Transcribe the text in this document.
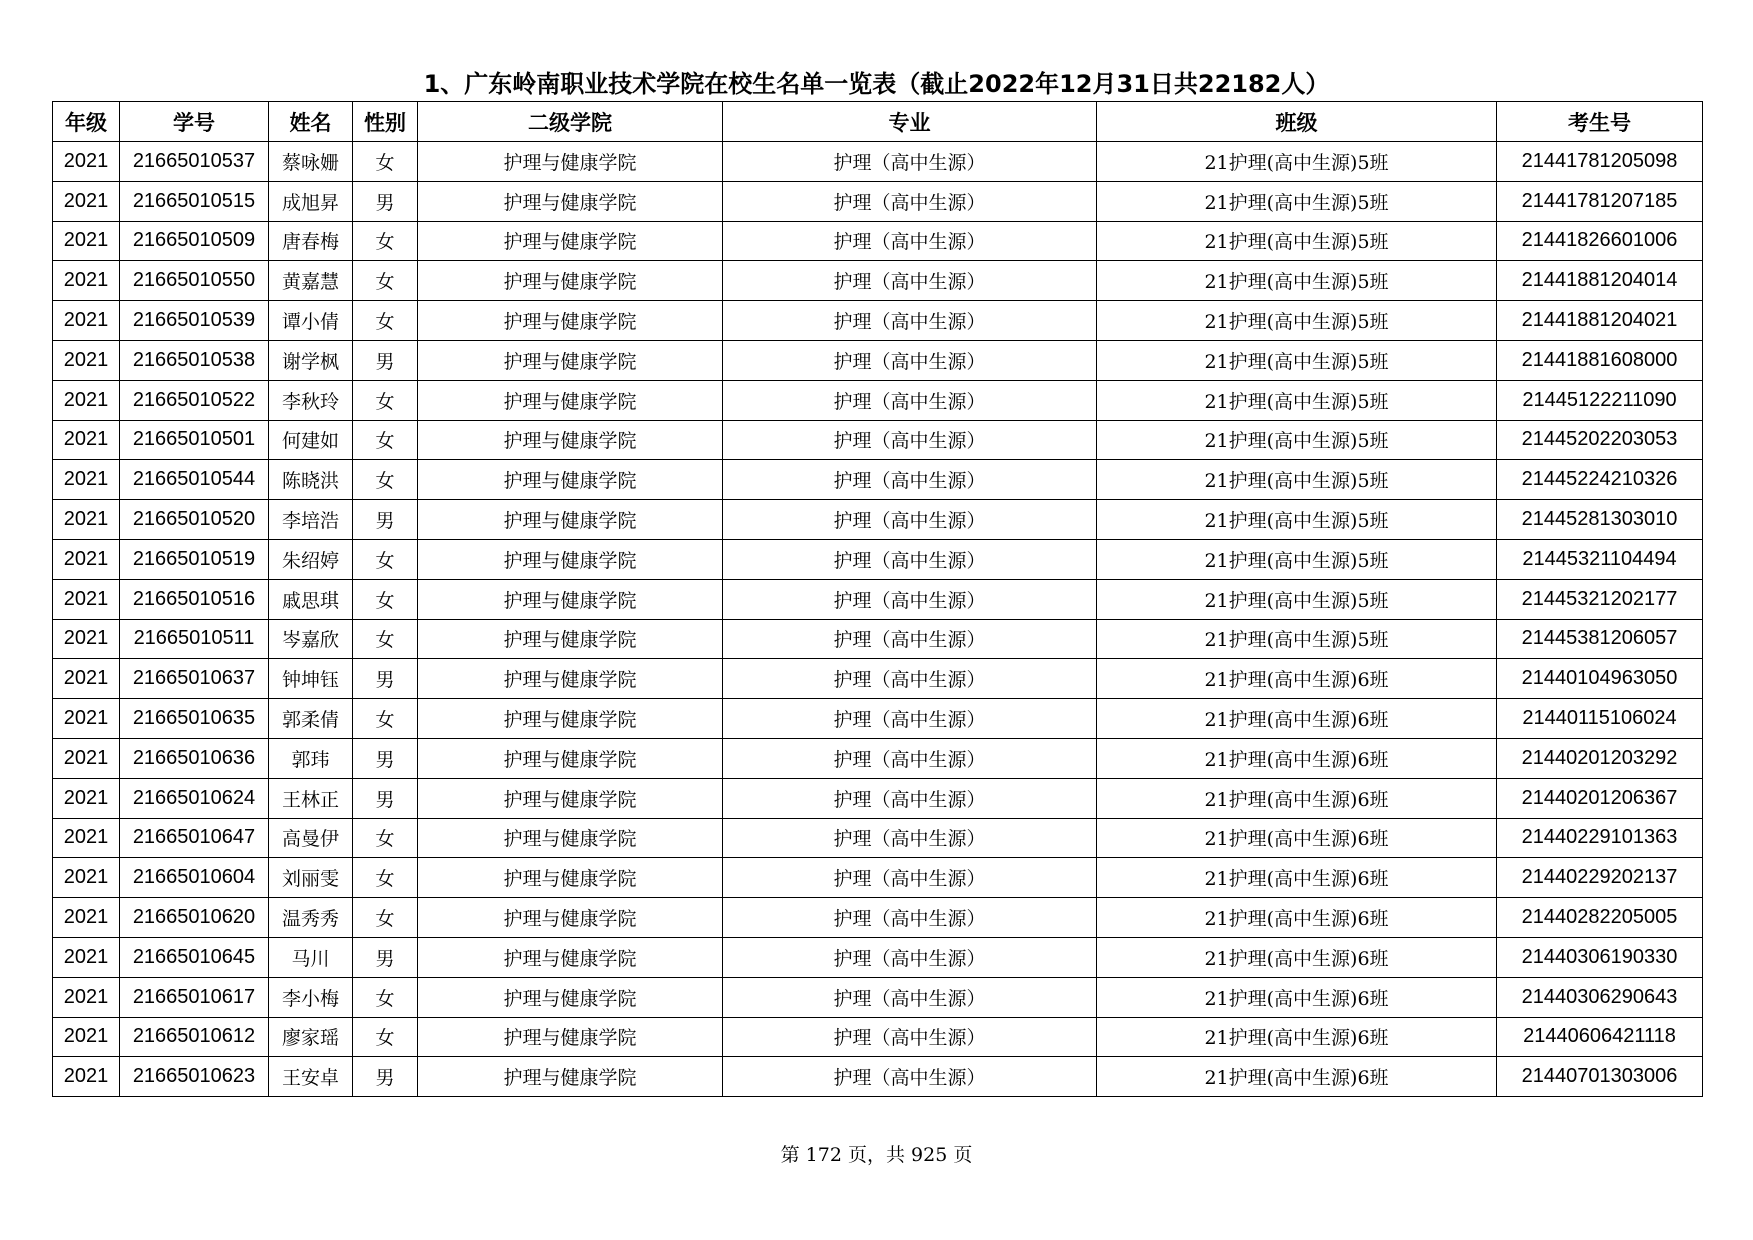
1、广东岭南职业技术学院在校生名单一览表（截止2022年12月31日共22182人）
年级	学号	姓名	性别	二级学院	专业	班级	考生号
2021	21665010537	蔡咏姗	女	护理与健康学院	护理（高中生源）	21护理(高中生源)5班	21441781205098
2021	21665010515	成旭昇	男	护理与健康学院	护理（高中生源）	21护理(高中生源)5班	21441781207185
2021	21665010509	唐春梅	女	护理与健康学院	护理（高中生源）	21护理(高中生源)5班	21441826601006
2021	21665010550	黄嘉慧	女	护理与健康学院	护理（高中生源）	21护理(高中生源)5班	21441881204014
2021	21665010539	谭小倩	女	护理与健康学院	护理（高中生源）	21护理(高中生源)5班	21441881204021
2021	21665010538	谢学枫	男	护理与健康学院	护理（高中生源）	21护理(高中生源)5班	21441881608000
2021	21665010522	李秋玲	女	护理与健康学院	护理（高中生源）	21护理(高中生源)5班	21445122211090
2021	21665010501	何建如	女	护理与健康学院	护理（高中生源）	21护理(高中生源)5班	21445202203053
2021	21665010544	陈晓洪	女	护理与健康学院	护理（高中生源）	21护理(高中生源)5班	21445224210326
2021	21665010520	李培浩	男	护理与健康学院	护理（高中生源）	21护理(高中生源)5班	21445281303010
2021	21665010519	朱绍婷	女	护理与健康学院	护理（高中生源）	21护理(高中生源)5班	21445321104494
2021	21665010516	戚思琪	女	护理与健康学院	护理（高中生源）	21护理(高中生源)5班	21445321202177
2021	21665010511	岑嘉欣	女	护理与健康学院	护理（高中生源）	21护理(高中生源)5班	21445381206057
2021	21665010637	钟坤钰	男	护理与健康学院	护理（高中生源）	21护理(高中生源)6班	21440104963050
2021	21665010635	郭柔倩	女	护理与健康学院	护理（高中生源）	21护理(高中生源)6班	21440115106024
2021	21665010636	郭玮	男	护理与健康学院	护理（高中生源）	21护理(高中生源)6班	21440201203292
2021	21665010624	王林正	男	护理与健康学院	护理（高中生源）	21护理(高中生源)6班	21440201206367
2021	21665010647	高曼伊	女	护理与健康学院	护理（高中生源）	21护理(高中生源)6班	21440229101363
2021	21665010604	刘丽雯	女	护理与健康学院	护理（高中生源）	21护理(高中生源)6班	21440229202137
2021	21665010620	温秀秀	女	护理与健康学院	护理（高中生源）	21护理(高中生源)6班	21440282205005
2021	21665010645	马川	男	护理与健康学院	护理（高中生源）	21护理(高中生源)6班	21440306190330
2021	21665010617	李小梅	女	护理与健康学院	护理（高中生源）	21护理(高中生源)6班	21440306290643
2021	21665010612	廖家瑶	女	护理与健康学院	护理（高中生源）	21护理(高中生源)6班	21440606421118
2021	21665010623	王安卓	男	护理与健康学院	护理（高中生源）	21护理(高中生源)6班	21440701303006
第 172 页，共 925 页
